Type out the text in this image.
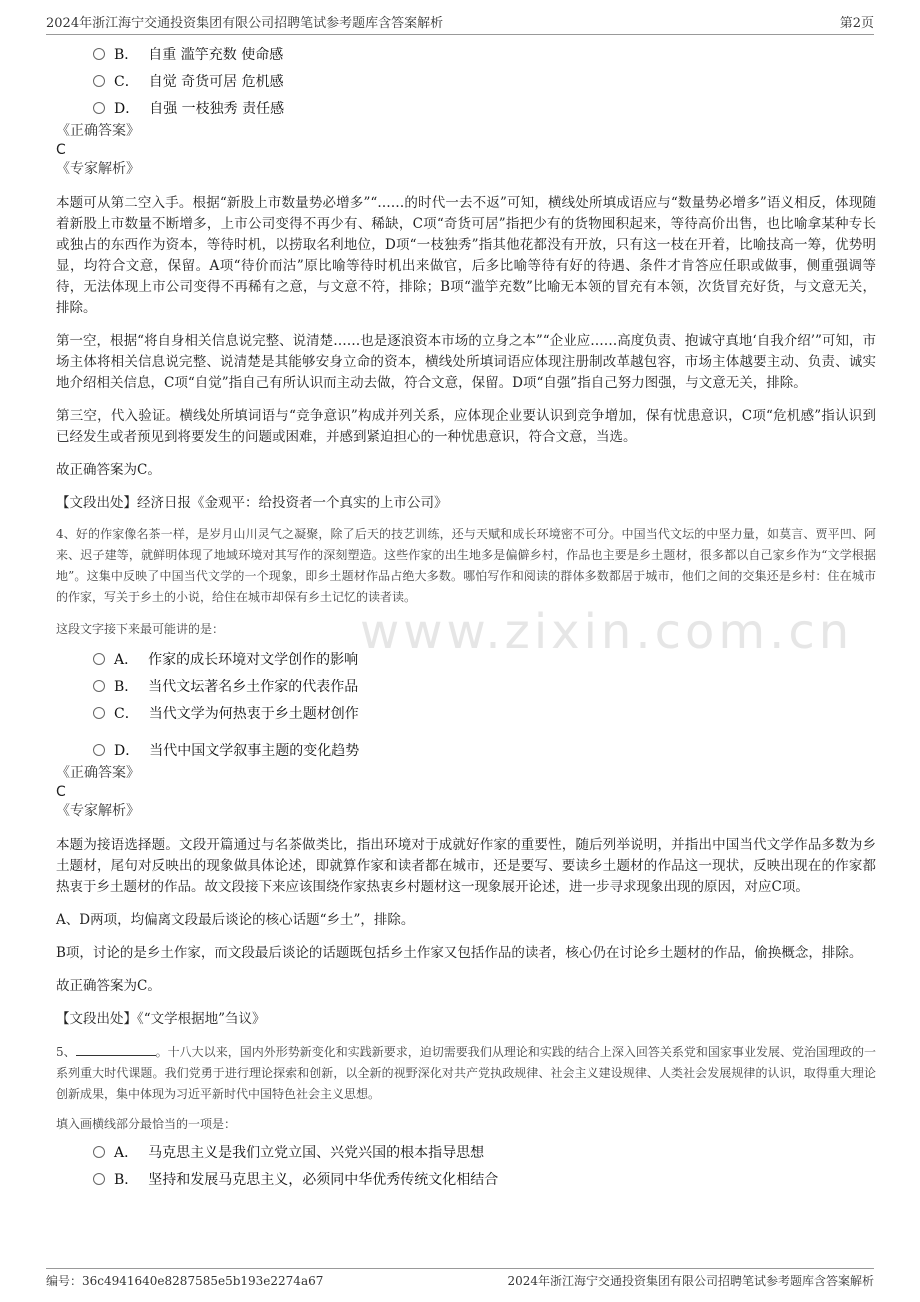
2024年浙江海宁交通投资集团有限公司招聘笔试参考题库含答案解析	第2页
www.zixin.com.cn
B． 自重 滥竽充数 使命感
C． 自觉 奇货可居 危机感
D． 自强 一枝独秀 责任感
《正确答案》
C
《专家解析》

本题可从第二空入手。根据“新股上市数量势必增多”“……的时代一去不返”可知，横线处所填成语应与“数量势必增多”语义相反，体现随着新股上市数量不断增多，上市公司变得不再少有、稀缺，C项“奇货可居”指把少有的货物囤积起来，等待高价出售，也比喻拿某种专长或独占的东西作为资本，等待时机，以捞取名利地位，D项“一枝独秀”指其他花都没有开放，只有这一枝在开着，比喻技高一筹，优势明显，均符合文意，保留。A项“待价而沽”原比喻等待时机出来做官，后多比喻等待有好的待遇、条件才肯答应任职或做事，侧重强调等待，无法体现上市公司变得不再稀有之意，与文意不符，排除；B项“滥竽充数”比喻无本领的冒充有本领，次货冒充好货，与文意无关，排除。

第一空，根据“将自身相关信息说完整、说清楚……也是逐浪资本市场的立身之本”“企业应……高度负责、抱诚守真地‘自我介绍’”可知，市场主体将相关信息说完整、说清楚是其能够安身立命的资本，横线处所填词语应体现注册制改革越包容，市场主体越要主动、负责、诚实地介绍相关信息，C项“自觉”指自己有所认识而主动去做，符合文意，保留。D项“自强”指自己努力图强，与文意无关，排除。

第三空，代入验证。横线处所填词语与“竞争意识”构成并列关系，应体现企业要认识到竞争增加，保有忧患意识，C项“危机感”指认识到已经发生或者预见到将要发生的问题或困难，并感到紧迫担心的一种忧患意识，符合文意，当选。

故正确答案为C。

【文段出处】经济日报《金观平：给投资者一个真实的上市公司》
4、好的作家像名茶一样，是岁月山川灵气之凝聚，除了后天的技艺训练，还与天赋和成长环境密不可分。中国当代文坛的中坚力量，如莫言、贾平凹、阿来、迟子建等，就鲜明体现了地域环境对其写作的深刻塑造。这些作家的出生地多是偏僻乡村，作品也主要是乡土题材，很多都以自己家乡作为“文学根据地”。这集中反映了中国当代文学的一个现象，即乡土题材作品占绝大多数。哪怕写作和阅读的群体多数都居于城市，他们之间的交集还是乡村：住在城市的作家，写关于乡土的小说，给住在城市却保有乡土记忆的读者读。
这段文字接下来最可能讲的是：
A． 作家的成长环境对文学创作的影响
B． 当代文坛著名乡土作家的代表作品
C． 当代文学为何热衷于乡土题材创作
D． 当代中国文学叙事主题的变化趋势
《正确答案》
C
《专家解析》

本题为接语选择题。文段开篇通过与名茶做类比，指出环境对于成就好作家的重要性，随后列举说明，并指出中国当代文学作品多数为乡土题材，尾句对反映出的现象做具体论述，即就算作家和读者都在城市，还是要写、要读乡土题材的作品这一现状，反映出现在的作家都热衷于乡土题材的作品。故文段接下来应该围绕作家热衷乡村题材这一现象展开论述，进一步寻求现象出现的原因，对应C项。

A、D两项，均偏离文段最后谈论的核心话题“乡土”，排除。

B项，讨论的是乡土作家，而文段最后谈论的话题既包括乡土作家又包括作品的读者，核心仍在讨论乡土题材的作品，偷换概念，排除。

故正确答案为C。

【文段出处】《“文学根据地”刍议》
5、	。十八大以来，国内外形势新变化和实践新要求，迫切需要我们从理论和实践的结合上深入回答关系党和国家事业发展、党治国理政的一系列重大时代课题。我们党勇于进行理论探索和创新，以全新的视野深化对共产党执政规律、社会主义建设规律、人类社会发展规律的认识，取得重大理论创新成果，集中体现为习近平新时代中国特色社会主义思想。
填入画横线部分最恰当的一项是：
A． 马克思主义是我们立党立国、兴党兴国的根本指导思想
B． 坚持和发展马克思主义，必须同中华优秀传统文化相结合
编号：36c4941640e8287585e5b193e2274a67	2024年浙江海宁交通投资集团有限公司招聘笔试参考题库含答案解析
